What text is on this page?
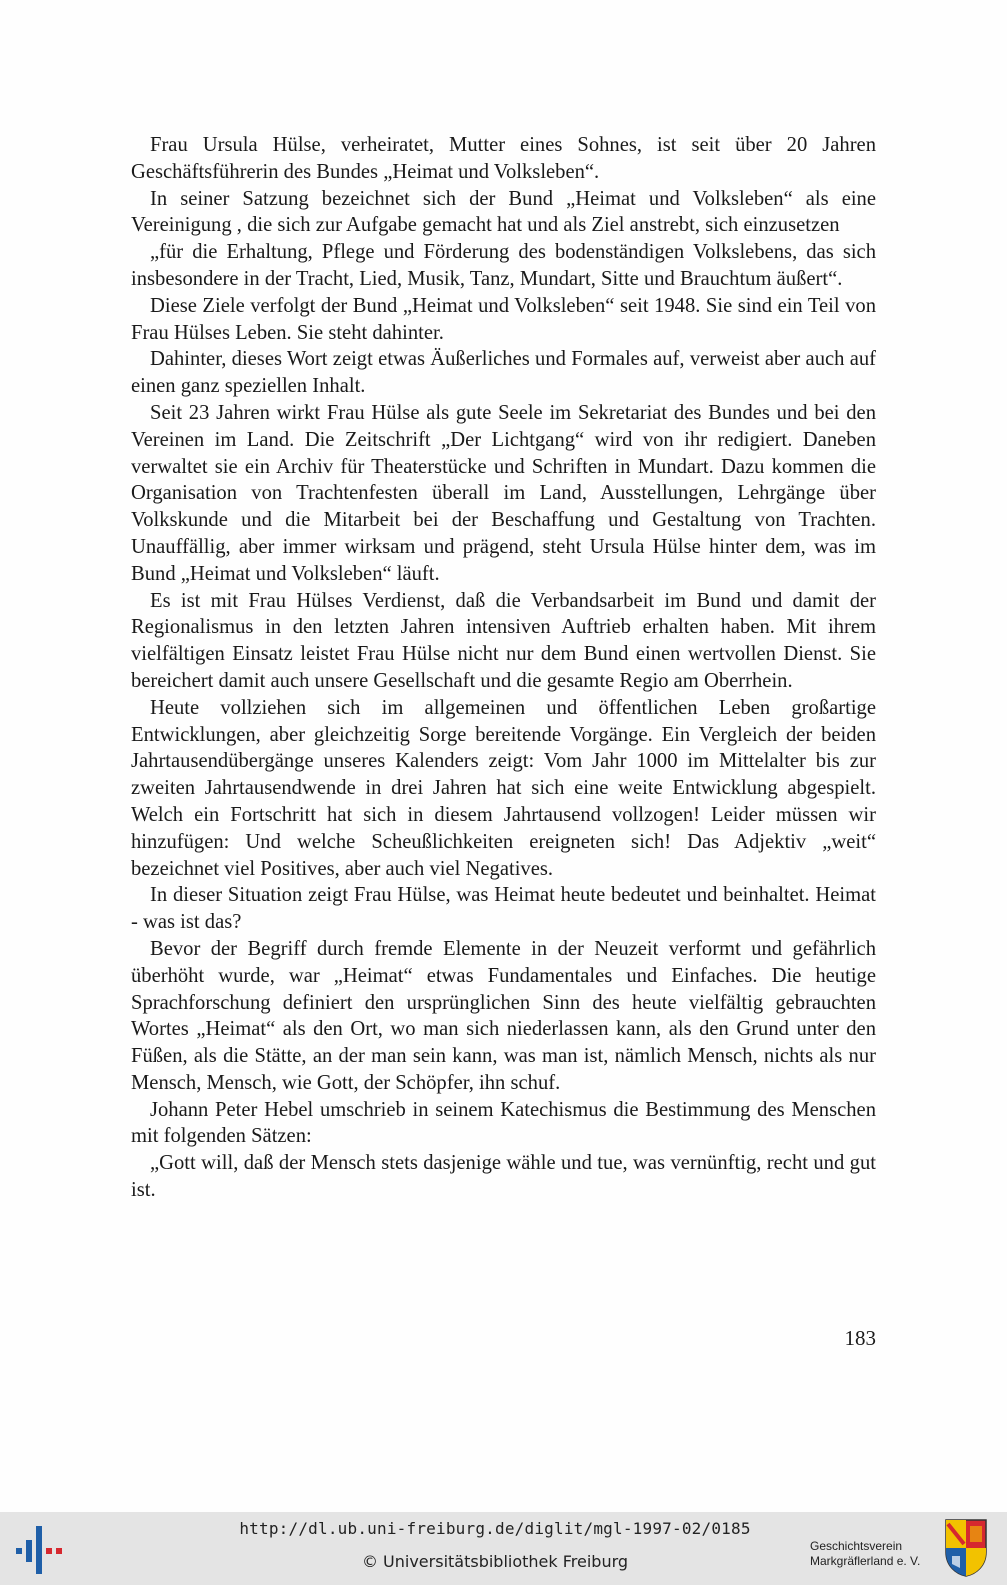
Frau Ursula Hülse, verheiratet, Mutter eines Sohnes, ist seit über 20 Jahren Geschäftsführerin des Bundes „Heimat und Volksleben“.

In seiner Satzung bezeichnet sich der Bund „Heimat und Volksleben“ als eine Vereinigung , die sich zur Aufgabe gemacht hat und als Ziel anstrebt, sich einzusetzen

„für die Erhaltung, Pflege und Förderung des bodenständigen Volkslebens, das sich insbesondere in der Tracht, Lied, Musik, Tanz, Mundart, Sitte und Brauchtum äußert“.

Diese Ziele verfolgt der Bund „Heimat und Volksleben“ seit 1948. Sie sind ein Teil von Frau Hülses Leben. Sie steht dahinter.

Dahinter, dieses Wort zeigt etwas Äußerliches und Formales auf, verweist aber auch auf einen ganz speziellen Inhalt.

Seit 23 Jahren wirkt Frau Hülse als gute Seele im Sekretariat des Bundes und bei den Vereinen im Land. Die Zeitschrift „Der Lichtgang“ wird von ihr redigiert. Daneben verwaltet sie ein Archiv für Theaterstücke und Schriften in Mundart. Dazu kommen die Organisation von Trachtenfesten überall im Land, Ausstellungen, Lehrgänge über Volkskunde und die Mitarbeit bei der Beschaffung und Gestaltung von Trachten. Unauffällig, aber immer wirksam und prägend, steht Ursula Hülse hinter dem, was im Bund „Heimat und Volksleben“ läuft.

Es ist mit Frau Hülses Verdienst, daß die Verbandsarbeit im Bund und damit der Regionalismus in den letzten Jahren intensiven Auftrieb erhalten haben. Mit ihrem vielfältigen Einsatz leistet Frau Hülse nicht nur dem Bund einen wertvollen Dienst. Sie bereichert damit auch unsere Gesellschaft und die gesamte Regio am Oberrhein.

Heute vollziehen sich im allgemeinen und öffentlichen Leben großartige Entwicklungen, aber gleichzeitig Sorge bereitende Vorgänge. Ein Vergleich der beiden Jahrtausendübergänge unseres Kalenders zeigt: Vom Jahr 1000 im Mittelalter bis zur zweiten Jahrtausendwende in drei Jahren hat sich eine weite Entwicklung abgespielt. Welch ein Fortschritt hat sich in diesem Jahrtausend vollzogen! Leider müssen wir hinzufügen: Und welche Scheußlichkeiten ereigneten sich! Das Adjektiv „weit“ bezeichnet viel Positives, aber auch viel Negatives.

In dieser Situation zeigt Frau Hülse, was Heimat heute bedeutet und beinhaltet. Heimat - was ist das?

Bevor der Begriff durch fremde Elemente in der Neuzeit verformt und gefährlich überhöht wurde, war „Heimat“ etwas Fundamentales und Einfaches. Die heutige Sprachforschung definiert den ursprünglichen Sinn des heute vielfältig gebrauchten Wortes „Heimat“ als den Ort, wo man sich niederlassen kann, als den Grund unter den Füßen, als die Stätte, an der man sein kann, was man ist, nämlich Mensch, nichts als nur Mensch, Mensch, wie Gott, der Schöpfer, ihn schuf.

Johann Peter Hebel umschrieb in seinem Katechismus die Bestimmung des Menschen mit folgenden Sätzen:

„Gott will, daß der Mensch stets dasjenige wähle und tue, was vernünftig, recht und gut ist.

183
http://dl.ub.uni-freiburg.de/diglit/mgl-1997-02/0185
© Universitätsbibliothek Freiburg
Geschichtsverein
Markgräflerland e. V.
